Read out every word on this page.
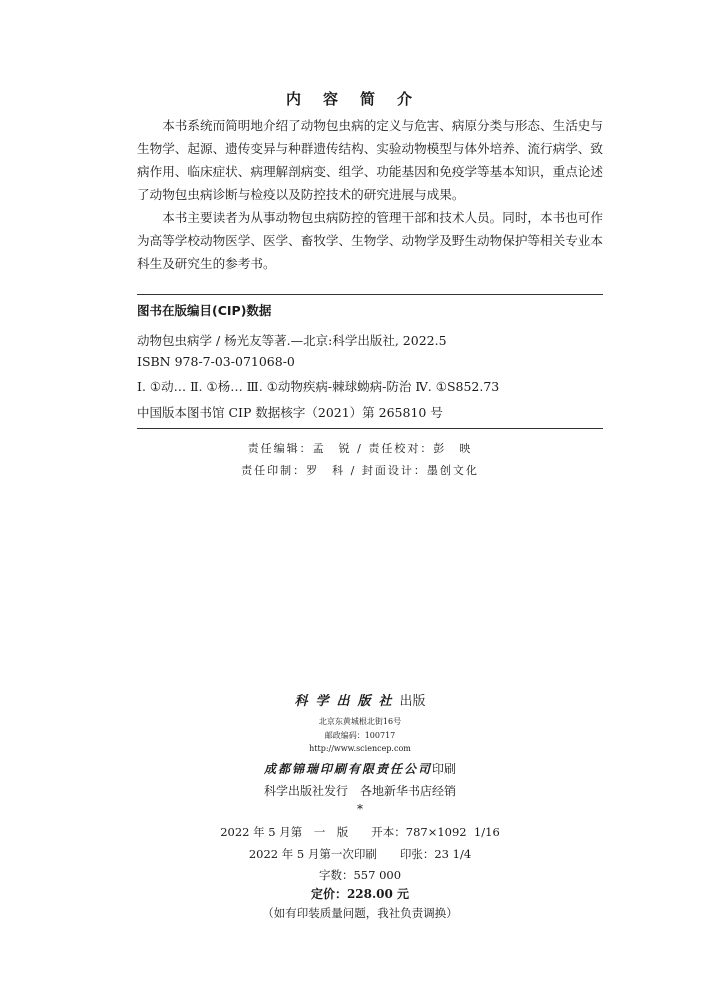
内容简介

本书系统而简明地介绍了动物包虫病的定义与危害、病原分类与形态、生活史与生物学、起源、遗传变异与种群遗传结构、实验动物模型与体外培养、流行病学、致病作用、临床症状、病理解剖病变、组学、功能基因和免疫学等基本知识，重点论述了动物包虫病诊断与检疫以及防控技术的研究进展与成果。

本书主要读者为从事动物包虫病防控的管理干部和技术人员。同时，本书也可作为高等学校动物医学、医学、畜牧学、生物学、动物学及野生动物保护等相关专业本科生及研究生的参考书。

图书在版编目(CIP)数据
动物包虫病学 / 杨光友等著.—北京:科学出版社, 2022.5
ISBN 978-7-03-071068-0
Ⅰ. ①动… Ⅱ. ①杨… Ⅲ. ①动物疾病-棘球蚴病-防治 Ⅳ. ①S852.73
中国版本图书馆 CIP 数据核字（2021）第 265810 号
责任编辑：孟　锐 / 责任校对：彭　映
责任印制：罗　科 / 封面设计：墨创文化
科学出版社出版
北京东黄城根北街16号
邮政编码：100717
http://www.sciencep.com
成都锦瑞印刷有限责任公司印刷
科学出版社发行　各地新华书店经销
*
2022 年 5 月第　一　版　　开本：787×1092  1/16
2022 年 5 月第一次印刷　　印张：23 1/4
字数：557 000
定价：228.00 元
（如有印装质量问题，我社负责调换）
